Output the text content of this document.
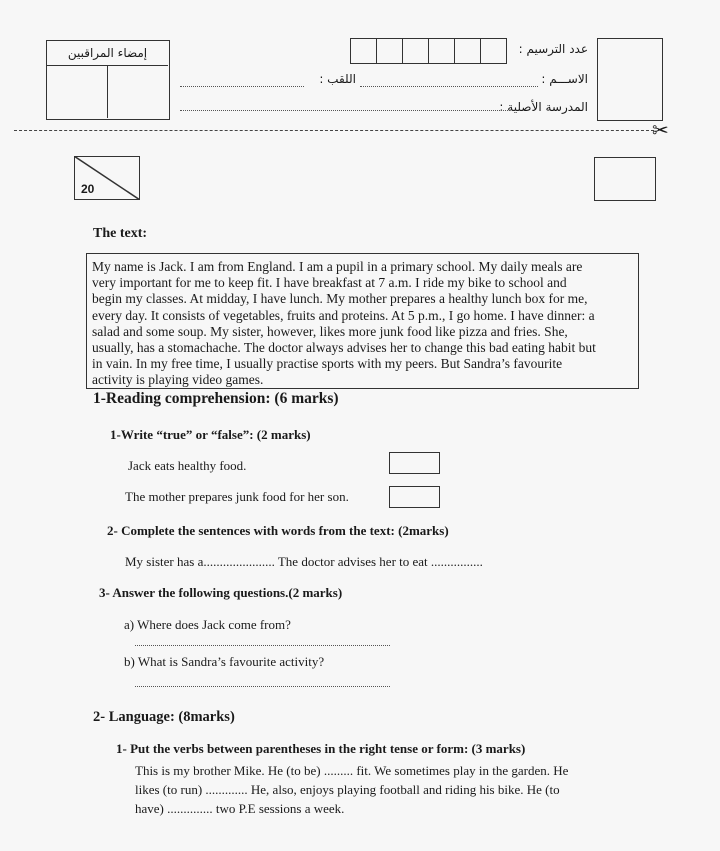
إمضاء المراقبين	عدد الترسيم :
الاســـم :
اللقب :
المدرسة الأصلية :
✂
20
The text:
My name is Jack. I am from England. I am a pupil in a primary school. My daily meals are
very important for me to keep fit. I have breakfast at 7 a.m. I ride my bike to school and
begin my classes. At midday, I have lunch. My mother prepares a healthy lunch box for me,
every day. It consists of vegetables, fruits and proteins. At 5 p.m., I go home. I have dinner: a
salad and some soup. My sister, however, likes more junk food like pizza and fries. She,
usually, has a stomachache. The doctor always advises her to change this bad eating habit but
in vain. In my free time, I usually practise sports with my peers. But Sandra’s favourite
activity is playing video games.
1-Reading comprehension: (6 marks)
1-Write “true” or “false”: (2 marks)
Jack eats healthy food.
The mother prepares junk food for her son.
2- Complete the sentences with words from the text: (2marks)
My sister has a...................... The doctor advises her to eat ................
3- Answer the following questions.(2 marks)
a) Where does Jack come from?
b) What is Sandra’s favourite activity?
2- Language: (8marks)
1- Put the verbs between parentheses in the right tense or form: (3 marks)
This is my brother Mike. He (to be) ......... fit. We sometimes play in the garden. He
likes (to run) ............. He, also, enjoys playing football and riding his bike. He (to
have) .............. two P.E sessions a week.
